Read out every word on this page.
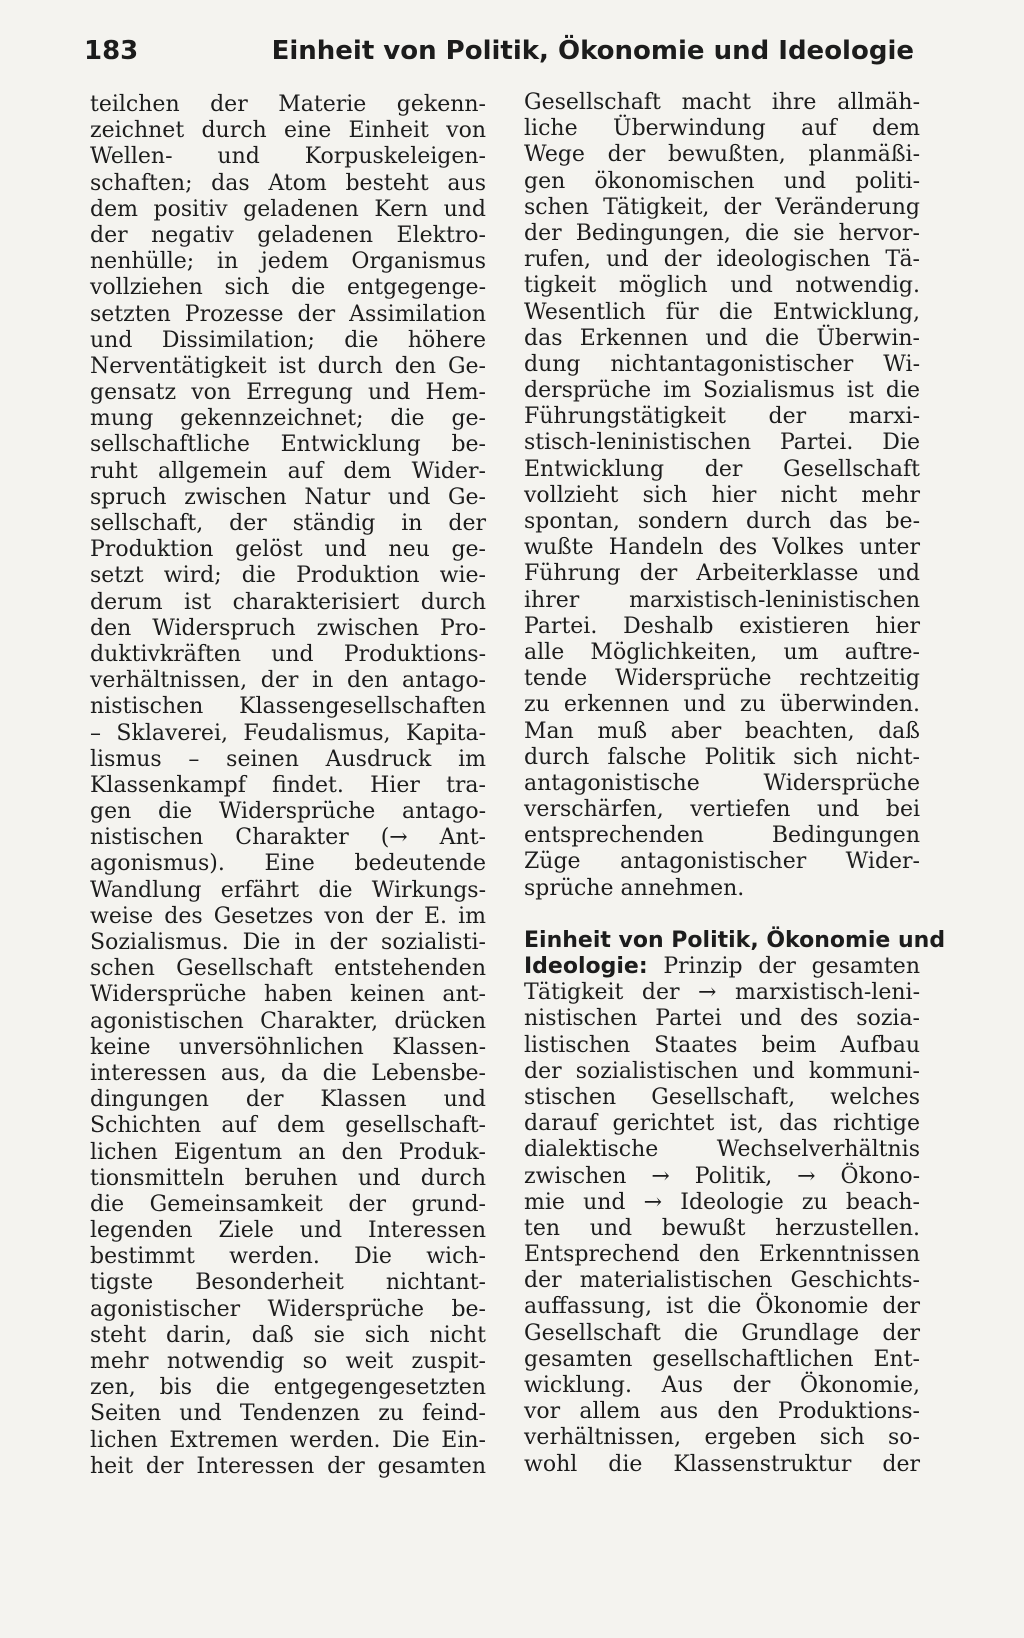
183	Einheit von Politik, Ökonomie und Ideologie
teilchen der Materie gekenn-
zeichnet durch eine Einheit von
Wellen- und Korpuskeleigen-
schaften; das Atom besteht aus
dem positiv geladenen Kern und
der negativ geladenen Elektro-
nenhülle; in jedem Organismus
vollziehen sich die entgegenge-
setzten Prozesse der Assimilation
und Dissimilation; die höhere
Nerventätigkeit ist durch den Ge-
gensatz von Erregung und Hem-
mung gekennzeichnet; die ge-
sellschaftliche Entwicklung be-
ruht allgemein auf dem Wider-
spruch zwischen Natur und Ge-
sellschaft, der ständig in der
Produktion gelöst und neu ge-
setzt wird; die Produktion wie-
derum ist charakterisiert durch
den Widerspruch zwischen Pro-
duktivkräften und Produktions-
verhältnissen, der in den antago-
nistischen Klassengesellschaften
– Sklaverei, Feudalismus, Kapita-
lismus – seinen Ausdruck im
Klassenkampf findet. Hier tra-
gen die Widersprüche antago-
nistischen Charakter (→ Ant-
agonismus). Eine bedeutende
Wandlung erfährt die Wirkungs-
weise des Gesetzes von der E. im
Sozialismus. Die in der sozialisti-
schen Gesellschaft entstehenden
Widersprüche haben keinen ant-
agonistischen Charakter, drücken
keine unversöhnlichen Klassen-
interessen aus, da die Lebensbe-
dingungen der Klassen und
Schichten auf dem gesellschaft-
lichen Eigentum an den Produk-
tionsmitteln beruhen und durch
die Gemeinsamkeit der grund-
legenden Ziele und Interessen
bestimmt werden. Die wich-
tigste Besonderheit nichtant-
agonistischer Widersprüche be-
steht darin, daß sie sich nicht
mehr notwendig so weit zuspit-
zen, bis die entgegengesetzten
Seiten und Tendenzen zu feind-
lichen Extremen werden. Die Ein-
heit der Interessen der gesamten
Gesellschaft macht ihre allmäh-
liche Überwindung auf dem
Wege der bewußten, planmäßi-
gen ökonomischen und politi-
schen Tätigkeit, der Veränderung
der Bedingungen, die sie hervor-
rufen, und der ideologischen Tä-
tigkeit möglich und notwendig.
Wesentlich für die Entwicklung,
das Erkennen und die Überwin-
dung nichtantagonistischer Wi-
dersprüche im Sozialismus ist die
Führungstätigkeit der marxi-
stisch-leninistischen Partei. Die
Entwicklung der Gesellschaft
vollzieht sich hier nicht mehr
spontan, sondern durch das be-
wußte Handeln des Volkes unter
Führung der Arbeiterklasse und
ihrer marxistisch-leninistischen
Partei. Deshalb existieren hier
alle Möglichkeiten, um auftre-
tende Widersprüche rechtzeitig
zu erkennen und zu überwinden.
Man muß aber beachten, daß
durch falsche Politik sich nicht-
antagonistische Widersprüche
verschärfen, vertiefen und bei
entsprechenden Bedingungen
Züge antagonistischer Wider-
sprüche annehmen.
Einheit von Politik, Ökonomie und
Ideologie: Prinzip der gesamten
Tätigkeit der → marxistisch-leni-
nistischen Partei und des sozia-
listischen Staates beim Aufbau
der sozialistischen und kommuni-
stischen Gesellschaft, welches
darauf gerichtet ist, das richtige
dialektische Wechselverhältnis
zwischen → Politik, → Ökono-
mie und → Ideologie zu beach-
ten und bewußt herzustellen.
Entsprechend den Erkenntnissen
der materialistischen Geschichts-
auffassung, ist die Ökonomie der
Gesellschaft die Grundlage der
gesamten gesellschaftlichen Ent-
wicklung. Aus der Ökonomie,
vor allem aus den Produktions-
verhältnissen, ergeben sich so-
wohl die Klassenstruktur der
